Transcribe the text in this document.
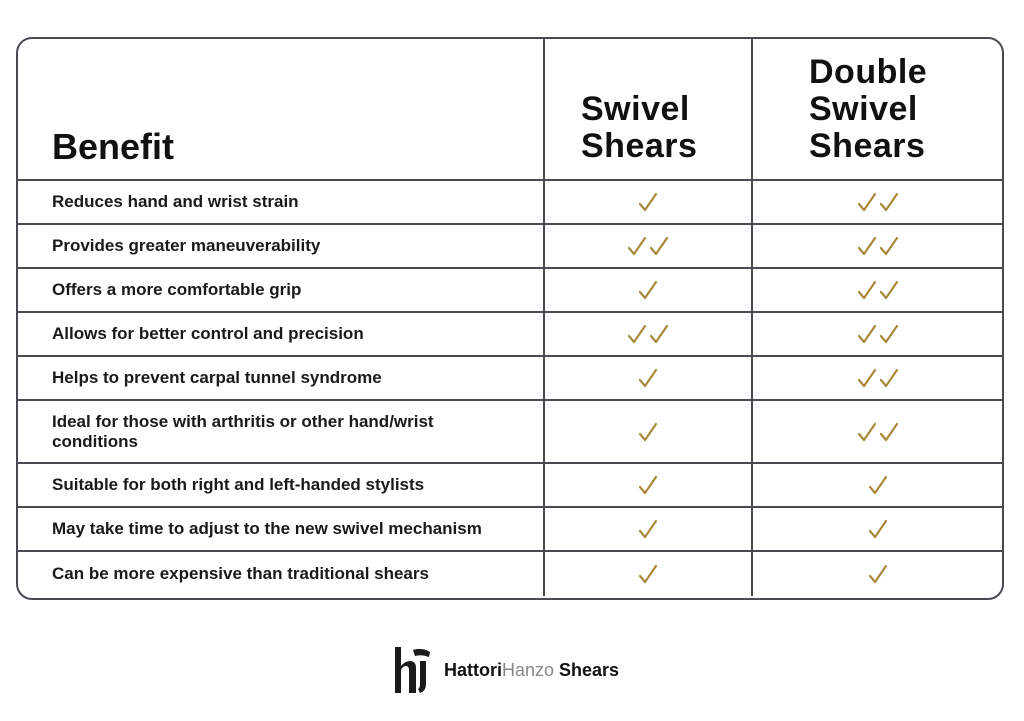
Benefit
Swivel
Shears
Double
Swivel
Shears
Reduces hand and wrist strain
Provides greater maneuverability
Offers a more comfortable grip
Allows for better control and precision
Helps to prevent carpal tunnel syndrome
Ideal for those with arthritis or other hand/wrist conditions
Suitable for both right and left-handed stylists
May take time to adjust to the new swivel mechanism
Can be more expensive than traditional shears
HattoriHanzo Shears
